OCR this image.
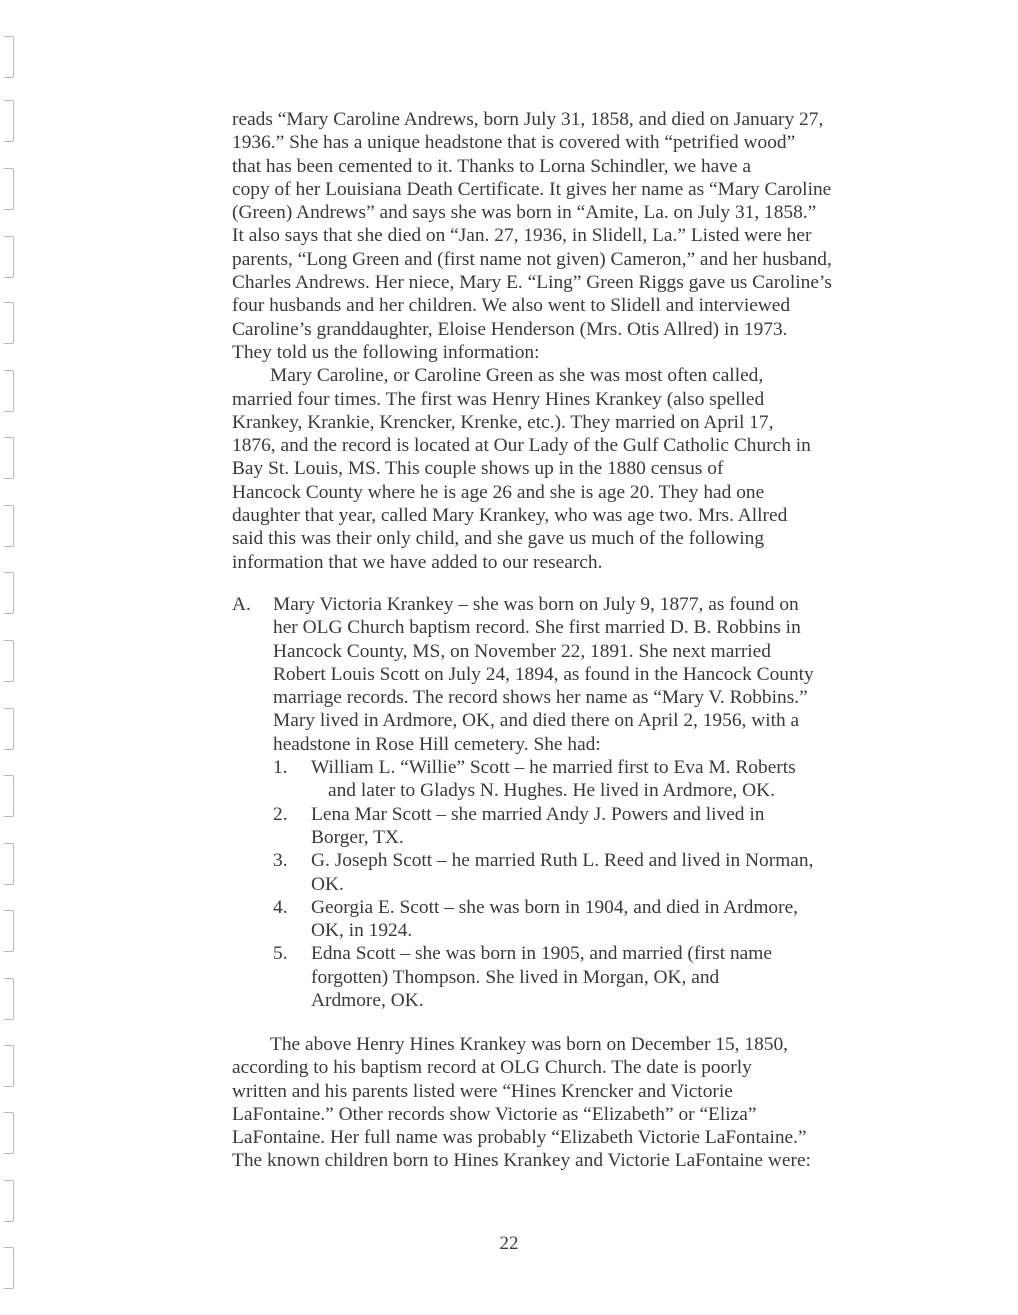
reads “Mary Caroline Andrews, born July 31, 1858, and died on January 27,
1936.” She has a unique headstone that is covered with “petrified wood”
that has been cemented to it. Thanks to Lorna Schindler, we have a
copy of her Louisiana Death Certificate. It gives her name as “Mary Caroline
(Green) Andrews” and says she was born in “Amite, La. on July 31, 1858.”
It also says that she died on “Jan. 27, 1936, in Slidell, La.” Listed were her
parents, “Long Green and (first name not given) Cameron,” and her husband,
Charles Andrews. Her niece, Mary E. “Ling” Green Riggs gave us Caroline’s
four husbands and her children. We also went to Slidell and interviewed
Caroline’s granddaughter, Eloise Henderson (Mrs. Otis Allred) in 1973.
They told us the following information:
Mary Caroline, or Caroline Green as she was most often called,
married four times. The first was Henry Hines Krankey (also spelled
Krankey, Krankie, Krencker, Krenke, etc.). They married on April 17,
1876, and the record is located at Our Lady of the Gulf Catholic Church in
Bay St. Louis, MS. This couple shows up in the 1880 census of
Hancock County where he is age 26 and she is age 20. They had one
daughter that year, called Mary Krankey, who was age two. Mrs. Allred
said this was their only child, and she gave us much of the following
information that we have added to our research.
A. Mary Victoria Krankey – she was born on July 9, 1877, as found on
her OLG Church baptism record. She first married D. B. Robbins in
Hancock County, MS, on November 22, 1891. She next married
Robert Louis Scott on July 24, 1894, as found in the Hancock County
marriage records. The record shows her name as “Mary V. Robbins.”
Mary lived in Ardmore, OK, and died there on April 2, 1956, with a
headstone in Rose Hill cemetery. She had:
1. William L. “Willie” Scott – he married first to Eva M. Roberts
and later to Gladys N. Hughes. He lived in Ardmore, OK.
2. Lena Mar Scott – she married Andy J. Powers and lived in
Borger, TX.
3. G. Joseph Scott – he married Ruth L. Reed and lived in Norman,
OK.
4. Georgia E. Scott – she was born in 1904, and died in Ardmore,
OK, in 1924.
5. Edna Scott – she was born in 1905, and married (first name
forgotten) Thompson. She lived in Morgan, OK, and
Ardmore, OK.
The above Henry Hines Krankey was born on December 15, 1850,
according to his baptism record at OLG Church. The date is poorly
written and his parents listed were “Hines Krencker and Victorie
LaFontaine.” Other records show Victorie as “Elizabeth” or “Eliza”
LaFontaine. Her full name was probably “Elizabeth Victorie LaFontaine.”
The known children born to Hines Krankey and Victorie LaFontaine were:
22
